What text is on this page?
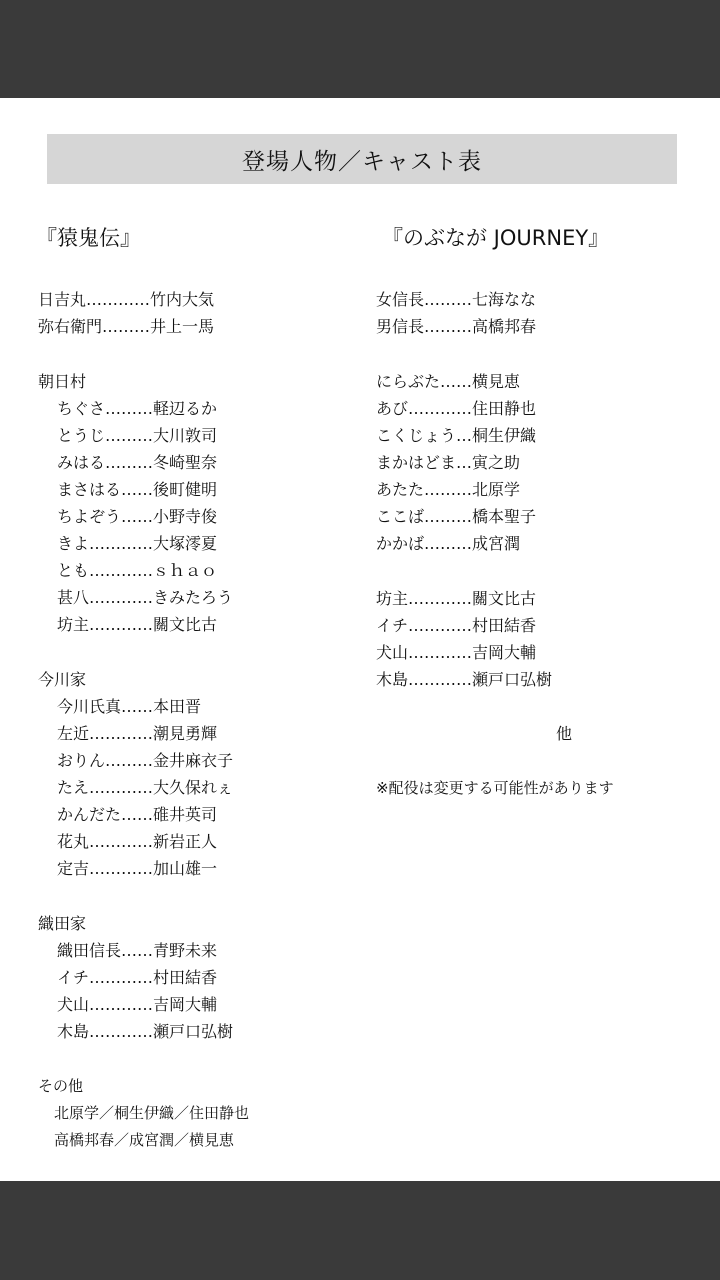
登場人物／キャスト表
『猿鬼伝』
日吉丸…………竹内大気
弥右衛門………井上一馬
朝日村
ちぐさ………軽辺るか
とうじ………大川敦司
みはる………冬崎聖奈
まさはる……後町健明
ちよぞう……小野寺俊
きよ…………大塚澪夏
とも…………ｓｈａｏ
甚八…………きみたろう
坊主…………關文比古
今川家
今川氏真……本田晋
左近…………潮見勇輝
おりん………金井麻衣子
たえ…………大久保れぇ
かんだた……碓井英司
花丸…………新岩正人
定吉…………加山雄一
織田家
織田信長……青野未来
イチ…………村田結香
犬山…………吉岡大輔
木島…………瀬戸口弘樹
その他
北原学／桐生伊織／住田静也
高橋邦春／成宮潤／横見恵
『のぶなが JOURNEY』
女信長………七海なな
男信長………高橋邦春
にらぶた……横見恵
あび…………住田静也
こくじょう…桐生伊織
まかはどま…寅之助
あたた………北原学
ここば………橋本聖子
かかば………成宮潤
坊主…………關文比古
イチ…………村田結香
犬山…………吉岡大輔
木島…………瀬戸口弘樹
他
※配役は変更する可能性があります
